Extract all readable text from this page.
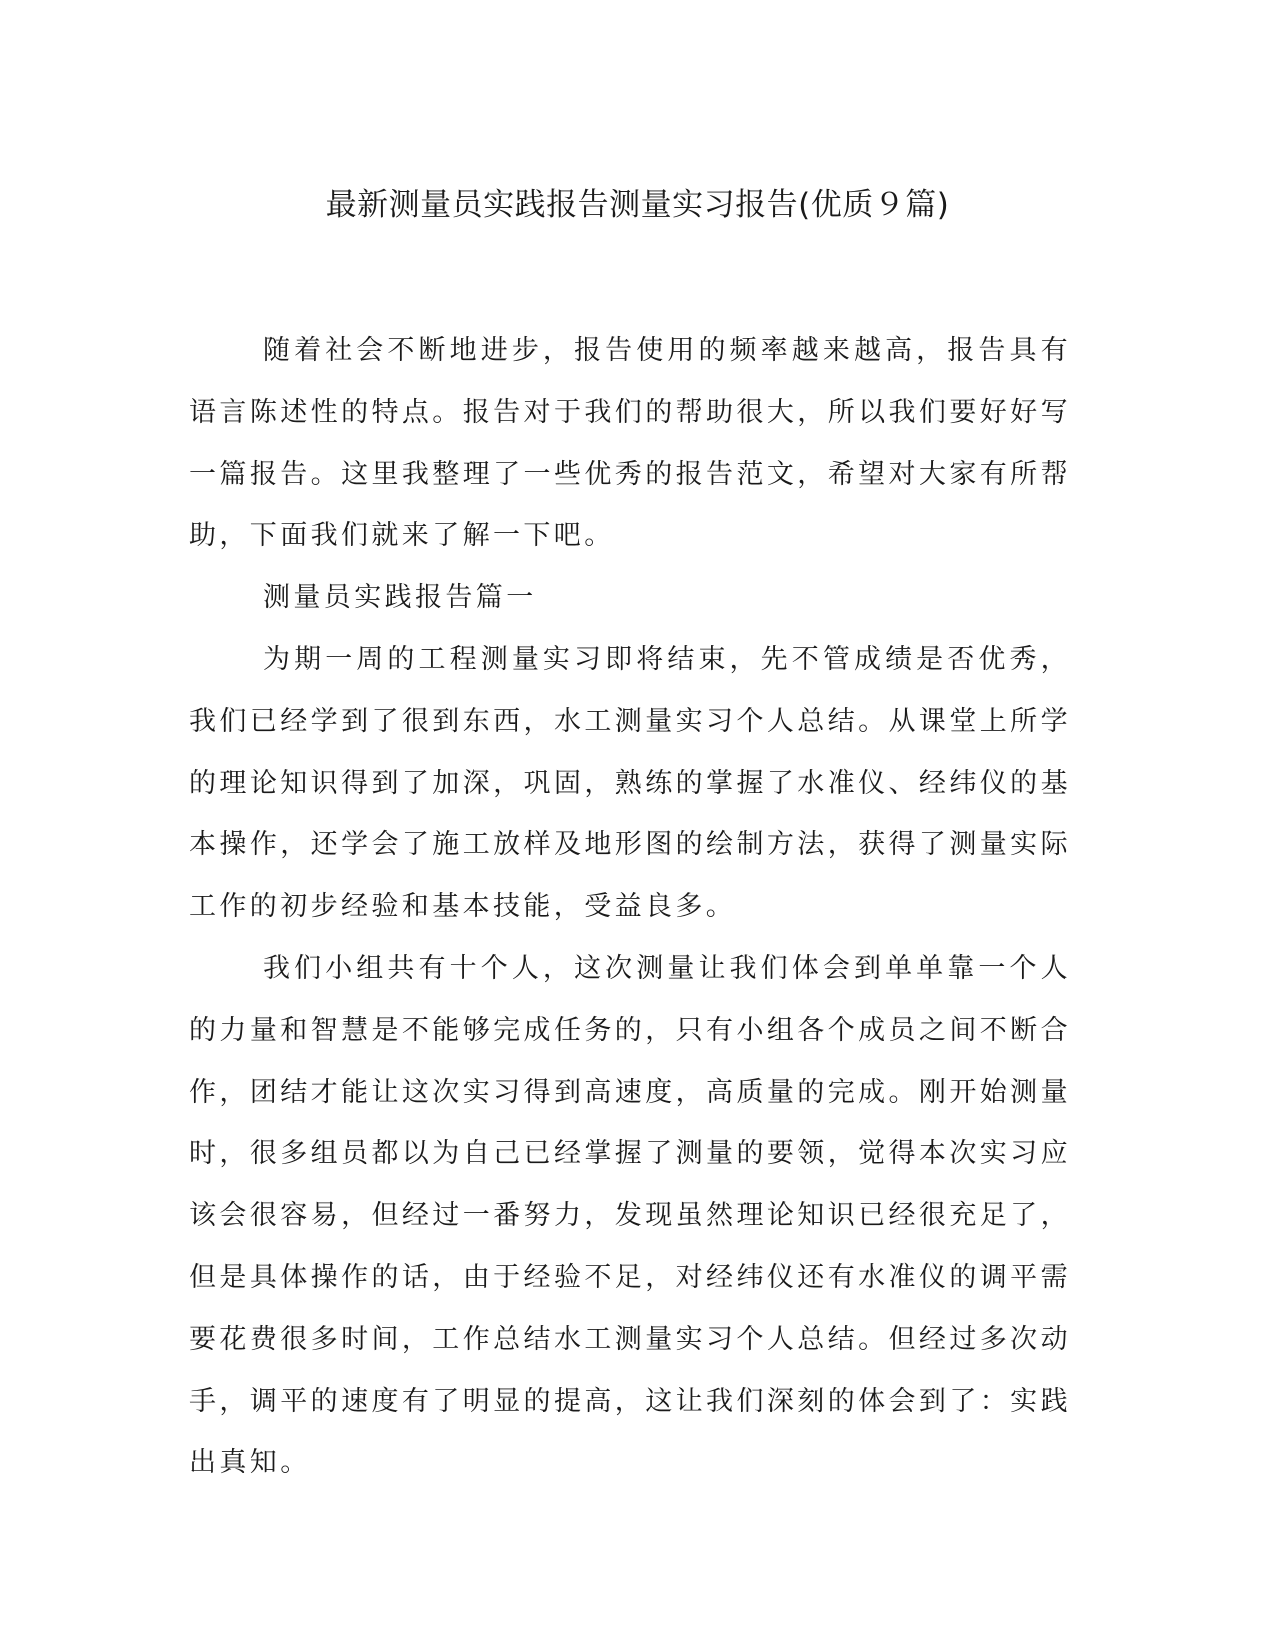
最新测量员实践报告测量实习报告(优质９篇)

随着社会不断地进步，报告使用的频率越来越高，报告具有语言陈述性的特点。报告对于我们的帮助很大，所以我们要好好写一篇报告。这里我整理了一些优秀的报告范文，希望对大家有所帮助，下面我们就来了解一下吧。

测量员实践报告篇一

为期一周的工程测量实习即将结束，先不管成绩是否优秀，我们已经学到了很到东西，水工测量实习个人总结。从课堂上所学的理论知识得到了加深，巩固，熟练的掌握了水准仪、经纬仪的基本操作，还学会了施工放样及地形图的绘制方法，获得了测量实际工作的初步经验和基本技能，受益良多。

我们小组共有十个人，这次测量让我们体会到单单靠一个人的力量和智慧是不能够完成任务的，只有小组各个成员之间不断合作，团结才能让这次实习得到高速度，高质量的完成。刚开始测量时，很多组员都以为自己已经掌握了测量的要领，觉得本次实习应该会很容易，但经过一番努力，发现虽然理论知识已经很充足了，但是具体操作的话，由于经验不足，对经纬仪还有水准仪的调平需要花费很多时间，工作总结水工测量实习个人总结。但经过多次动手，调平的速度有了明显的提高，这让我们深刻的体会到了：实践出真知。
